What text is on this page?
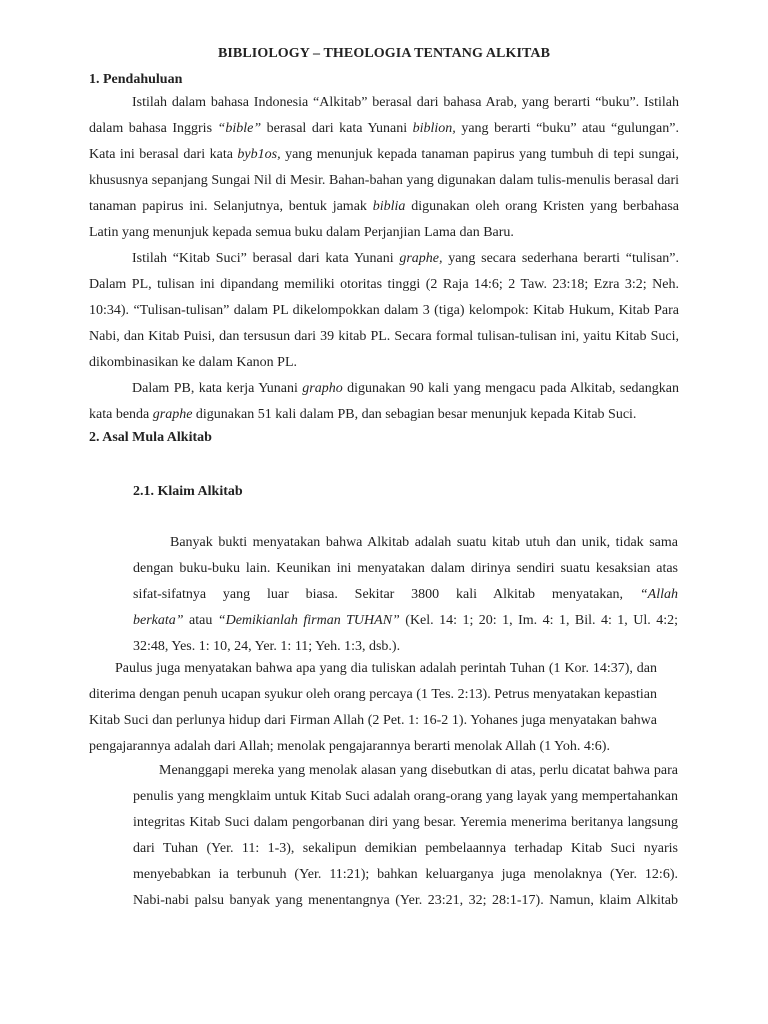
BIBLIOLOGY – THEOLOGIA TENTANG ALKITAB
1. Pendahuluan
Istilah dalam bahasa Indonesia “Alkitab” berasal dari bahasa Arab, yang berarti “buku”. Istilah
dalam bahasa Inggris “bible” berasal dari kata Yunani biblion, yang berarti “buku” atau “gulungan”.
Kata ini berasal dari kata byb1os, yang menunjuk kepada tanaman papirus yang tumbuh di tepi sungai,
khususnya sepanjang Sungai Nil di Mesir. Bahan-bahan yang digunakan dalam tulis-menulis berasal dari
tanaman papirus ini. Selanjutnya, bentuk jamak biblia digunakan oleh orang Kristen yang berbahasa
Latin yang menunjuk kepada semua buku dalam Perjanjian Lama dan Baru.
Istilah “Kitab Suci” berasal dari kata Yunani graphe, yang secara sederhana berarti “tulisan”.
Dalam PL, tulisan ini dipandang memiliki otoritas tinggi (2 Raja 14:6; 2 Taw. 23:18; Ezra 3:2; Neh.
10:34). “Tulisan-tulisan” dalam PL dikelompokkan dalam 3 (tiga) kelompok: Kitab Hukum, Kitab Para
Nabi, dan Kitab Puisi, dan tersusun dari 39 kitab PL. Secara formal tulisan-tulisan ini, yaitu Kitab Suci,
dikombinasikan ke dalam Kanon PL.
Dalam PB, kata kerja Yunani grapho digunakan 90 kali yang mengacu pada Alkitab, sedangkan
kata benda graphe digunakan 51 kali dalam PB, dan sebagian besar menunjuk kepada Kitab Suci.
2. Asal Mula Alkitab
2.1. Klaim Alkitab
Banyak bukti menyatakan bahwa Alkitab adalah suatu kitab utuh dan unik, tidak sama
dengan buku-buku lain. Keunikan ini menyatakan dalam dirinya sendiri suatu kesaksian atas
sifat-sifatnya yang luar biasa. Sekitar 3800 kali Alkitab menyatakan, “Allah
berkata” atau “Demikianlah firman TUHAN” (Kel. 14: 1; 20: 1, Im. 4: 1, Bil. 4: 1, Ul. 4:2;
32:48, Yes. 1: 10, 24, Yer. 1: 11; Yeh. 1:3, dsb.).
Paulus juga menyatakan bahwa apa yang dia tuliskan adalah perintah Tuhan (1 Kor. 14:37), dan
diterima dengan penuh ucapan syukur oleh orang percaya (1 Tes. 2:13). Petrus menyatakan kepastian
Kitab Suci dan perlunya hidup dari Firman Allah (2 Pet. 1: 16-2 1). Yohanes juga menyatakan bahwa
pengajarannya adalah dari Allah; menolak pengajarannya berarti menolak Allah (1 Yoh. 4:6).
Menanggapi mereka yang menolak alasan yang disebutkan di atas, perlu dicatat bahwa para
penulis yang mengklaim untuk Kitab Suci adalah orang-orang yang layak yang mempertahankan
integritas Kitab Suci dalam pengorbanan diri yang besar. Yeremia menerima beritanya langsung
dari Tuhan (Yer. 11: 1-3), sekalipun demikian pembelaannya terhadap Kitab Suci nyaris
menyebabkan ia terbunuh (Yer. 11:21); bahkan keluarganya juga menolaknya (Yer. 12:6).
Nabi-nabi palsu banyak yang menentangnya (Yer. 23:21, 32; 28:1-17). Namun, klaim Alkitab
